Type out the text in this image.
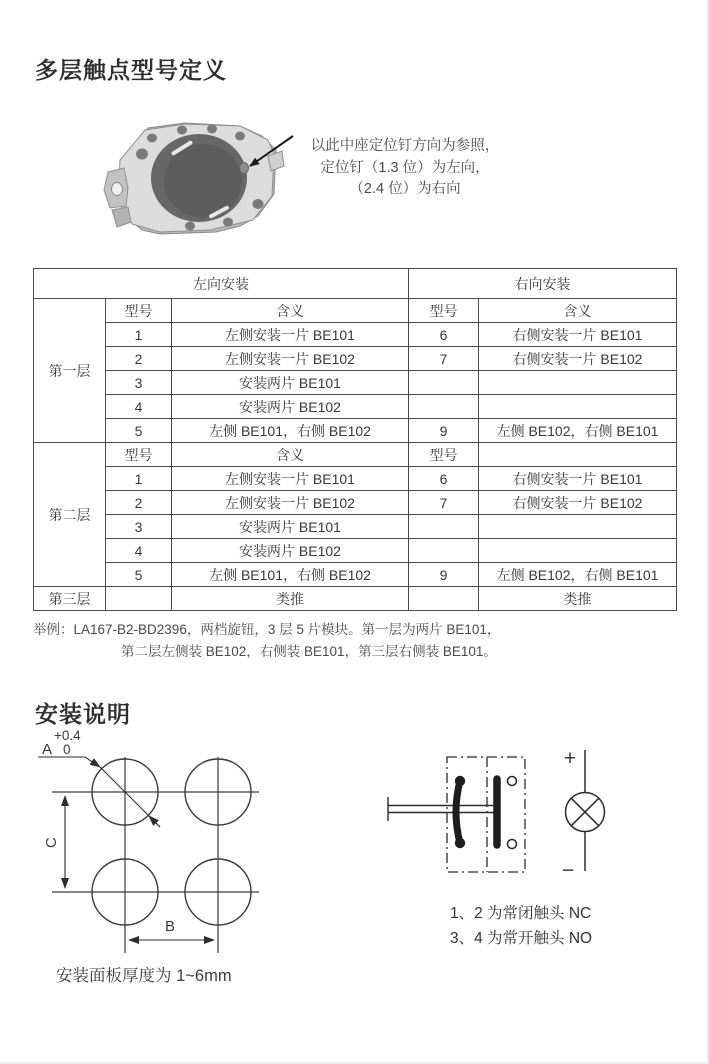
多层触点型号定义
以此中座定位钉方向为参照，
定位钉（1.3 位）为左向，
（2.4 位）为右向
左向安装			右向安装	
第一层	型号	含义	型号	含义
	1	左侧安装一片 BE101	6	右侧安装一片 BE101
	2	左侧安装一片 BE102	7	右侧安装一片 BE102
	3	安装两片 BE101		
	4	安装两片 BE102		
	5	左侧 BE101，右侧 BE102	9	左侧 BE102，右侧 BE101
第二层	型号	含义	型号	
	1	左侧安装一片 BE101	6	右侧安装一片 BE101
	2	左侧安装一片 BE102	7	右侧安装一片 BE102
	3	安装两片 BE101		
	4	安装两片 BE102		
	5	左侧 BE101，右侧 BE102	9	左侧 BE102，右侧 BE101
第三层		类推		类推
举例：LA167-B2-BD2396，两档旋钮，3 层 5 片模块。第一层为两片 BE101，
第二层左侧装 BE102，右侧装 BE101，第三层右侧装 BE101。
安装说明
A
+0.4
0
C
B
+
−
1、2 为常闭触头 NC
3、4 为常开触头 NO
安装面板厚度为 1~6mm
